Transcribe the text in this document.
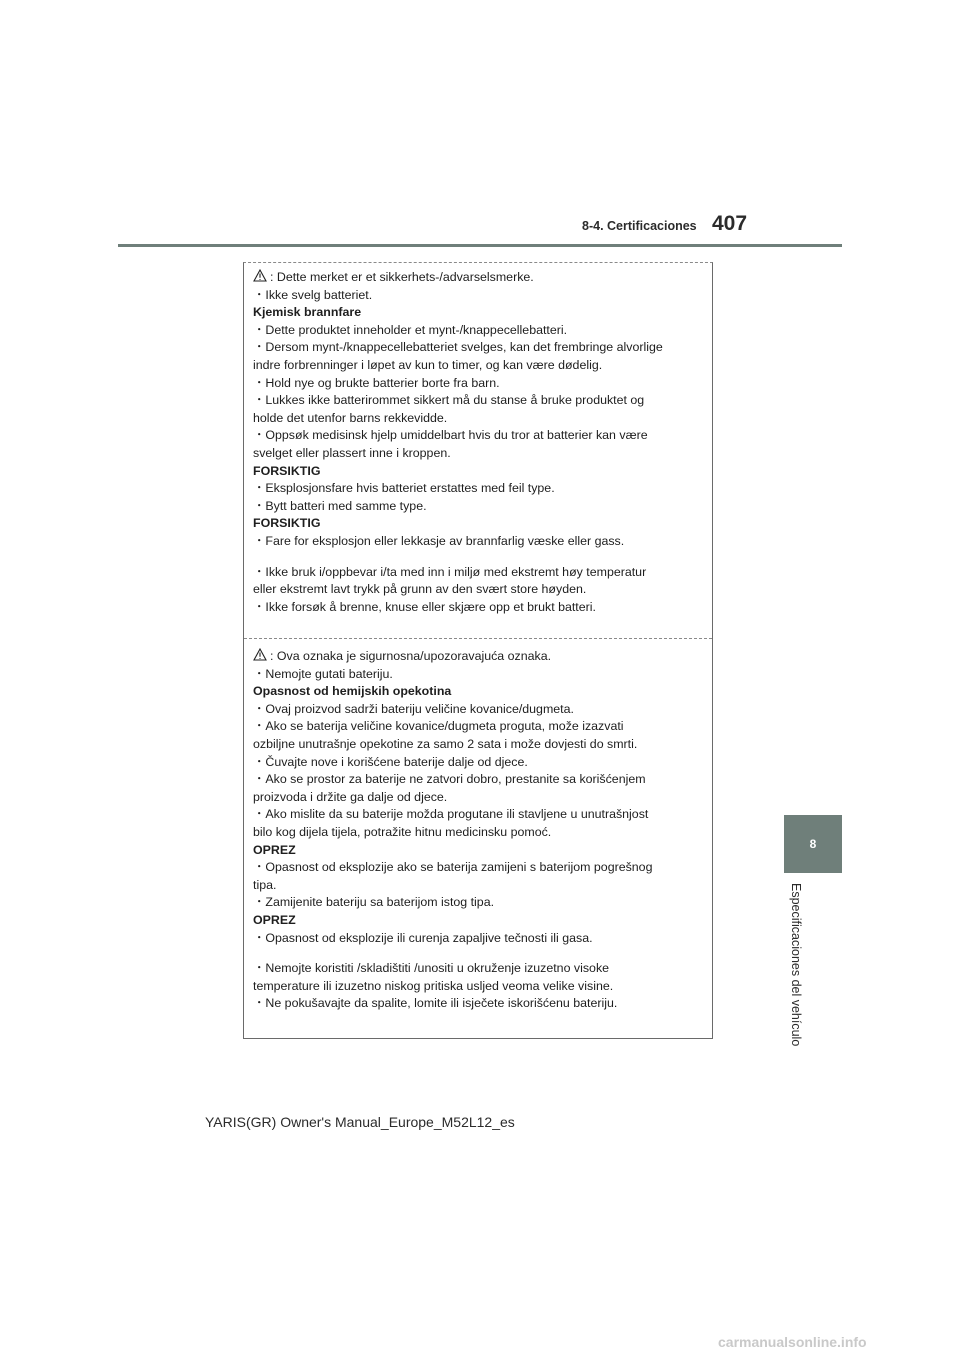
8-4. Certificaciones 407
8
Especificaciones del vehículo
: Dette merket er et sikkerhets-/advarselsmerke.
・Ikke svelg batteriet.
Kjemisk brannfare
・Dette produktet inneholder et mynt-/knappecellebatteri.
・Dersom mynt-/knappecellebatteriet svelges, kan det frembringe alvorlige
indre forbrenninger i løpet av kun to timer, og kan være dødelig.
・Hold nye og brukte batterier borte fra barn.
・Lukkes ikke batterirommet sikkert må du stanse å bruke produktet og
holde det utenfor barns rekkevidde.
・Oppsøk medisinsk hjelp umiddelbart hvis du tror at batterier kan være
svelget eller plassert inne i kroppen.
FORSIKTIG
・Eksplosjonsfare hvis batteriet erstattes med feil type.
・Bytt batteri med samme type.
FORSIKTIG
・Fare for eksplosjon eller lekkasje av brannfarlig væske eller gass.
・Ikke bruk i/oppbevar i/ta med inn i miljø med ekstremt høy temperatur
eller ekstremt lavt trykk på grunn av den svært store høyden.
・Ikke forsøk å brenne, knuse eller skjære opp et brukt batteri.
: Ova oznaka je sigurnosna/upozoravajuća oznaka.
・Nemojte gutati bateriju.
Opasnost od hemijskih opekotina
・Ovaj proizvod sadrži bateriju veličine kovanice/dugmeta.
・Ako se baterija veličine kovanice/dugmeta proguta, može izazvati
ozbiljne unutrašnje opekotine za samo 2 sata i može dovjesti do smrti.
・Čuvajte nove i korišćene baterije dalje od djece.
・Ako se prostor za baterije ne zatvori dobro, prestanite sa korišćenjem
proizvoda i držite ga dalje od djece.
・Ako mislite da su baterije možda progutane ili stavljene u unutrašnjost
bilo kog dijela tijela, potražite hitnu medicinsku pomoć.
OPREZ
・Opasnost od eksplozije ako se baterija zamijeni s baterijom pogrešnog
tipa.
・Zamijenite bateriju sa baterijom istog tipa.
OPREZ
・Opasnost od eksplozije ili curenja zapaljive tečnosti ili gasa.
・Nemojte koristiti /skladištiti /unositi u okruženje izuzetno visoke
temperature ili izuzetno niskog pritiska usljed veoma velike visine.
・Ne pokušavajte da spalite, lomite ili isječete iskorišćenu bateriju.
YARIS(GR) Owner's Manual_Europe_M52L12_es
carmanualsonline.info
